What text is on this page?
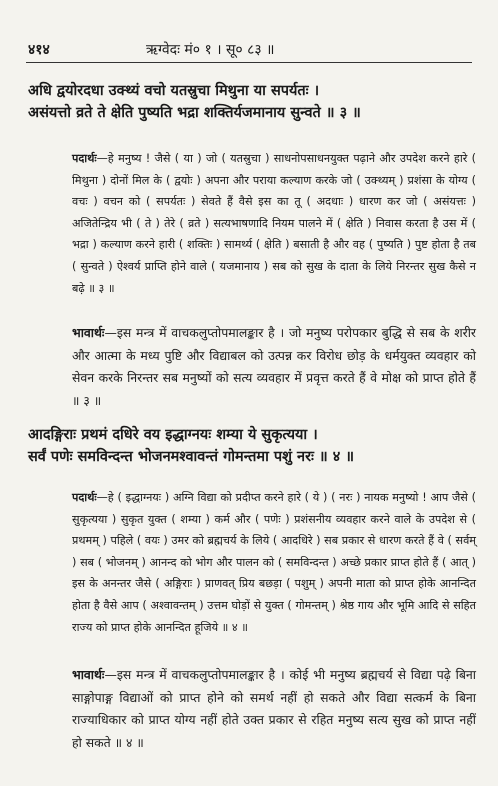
४१४	ऋग्वेदः मं० १ । सू० ८३ ॥
अधि द्वयोरदधा उक्थ्यं वचो यतस्रुचा मिथुना या सपर्यतः ।
असंयत्तो व्रते ते क्षेति पुष्यति भद्रा शक्तिर्यजमानाय सुन्वते ॥ ३ ॥
पदार्थः—हे मनुष्य ! जैसे ( या ) जो ( यतस्रुचा ) साधनोपसाधनयुक्त पढ़ाने और उपदेश करने हारे ( मिथुना ) दोनों मिल के ( द्वयोः ) अपना और पराया कल्याण करके जो ( उक्थ्यम् ) प्रशंसा के योग्य ( वचः ) वचन को ( सपर्यतः ) सेवते हैं वैसे इस का तू ( अदधाः ) धारण कर जो ( असंयत्तः ) अजितेन्द्रिय भी ( ते ) तेरे ( व्रते ) सत्यभाषणादि नियम पालने में ( क्षेति ) निवास करता है उस में ( भद्रा ) कल्याण करने हारी ( शक्तिः ) सामर्थ्य ( क्षेति ) बसाती है और वह ( पुष्यति ) पुष्ट होता है तब ( सुन्वते ) ऐश्वर्य प्राप्ति होने वाले ( यजमानाय ) सब को सुख के दाता के लिये निरन्तर सुख कैसे न बढ़े ॥ ३ ॥
भावार्थः—इस मन्त्र में वाचकलुप्तोपमालङ्कार है । जो मनुष्य परोपकार बुद्धि से सब के शरीर और आत्मा के मध्य पुष्टि और विद्याबल को उत्पन्न कर विरोध छोड़ के धर्मयुक्त व्यवहार को सेवन करके निरन्तर सब मनुष्यों को सत्य व्यवहार में प्रवृत्त करते हैं वे मोक्ष को प्राप्त होते हैं ॥ ३ ॥
आदङ्गिराः प्रथमं दधिरे वय इद्धाग्नयः शम्या ये सुकृत्यया ।
सर्वं पणेः समविन्दन्त भोजनमश्वावन्तं गोमन्तमा पशुं नरः ॥ ४ ॥
पदार्थः—हे ( इद्धाग्नयः ) अग्नि विद्या को प्रदीप्त करने हारे ( ये ) ( नरः ) नायक मनुष्यो ! आप जैसे ( सुकृत्यया ) सुकृत युक्त ( शम्या ) कर्म और ( पणेः ) प्रशंसनीय व्यवहार करने वाले के उपदेश से ( प्रथमम् ) पहिले ( वयः ) उमर को ब्रह्मचर्य के लिये ( आदधिरे ) सब प्रकार से धारण करते हैं वे ( सर्वम् ) सब ( भोजनम् ) आनन्द को भोग और पालन को ( समविन्दन्त ) अच्छे प्रकार प्राप्त होते हैं ( आत् ) इस के अनन्तर जैसे ( अङ्गिराः ) प्राणवत् प्रिय बछड़ा ( पशुम् ) अपनी माता को प्राप्त होके आनन्दित होता है वैसे आप ( अश्वावन्तम् ) उत्तम घोड़ों से युक्त ( गोमन्तम् ) श्रेष्ठ गाय और भूमि आदि से सहित राज्य को प्राप्त होके आनन्दित हूजिये ॥ ४ ॥
भावार्थः—इस मन्त्र में वाचकलुप्तोपमालङ्कार है । कोई भी मनुष्य ब्रह्मचर्य से विद्या पढ़े बिना साङ्गोपाङ्ग विद्याओं को प्राप्त होने को समर्थ नहीं हो सकते और विद्या सत्कर्म के बिना राज्याधिकार को प्राप्त योग्य नहीं होते उक्त प्रकार से रहित मनुष्य सत्य सुख को प्राप्त नहीं हो सकते ॥ ४ ॥
